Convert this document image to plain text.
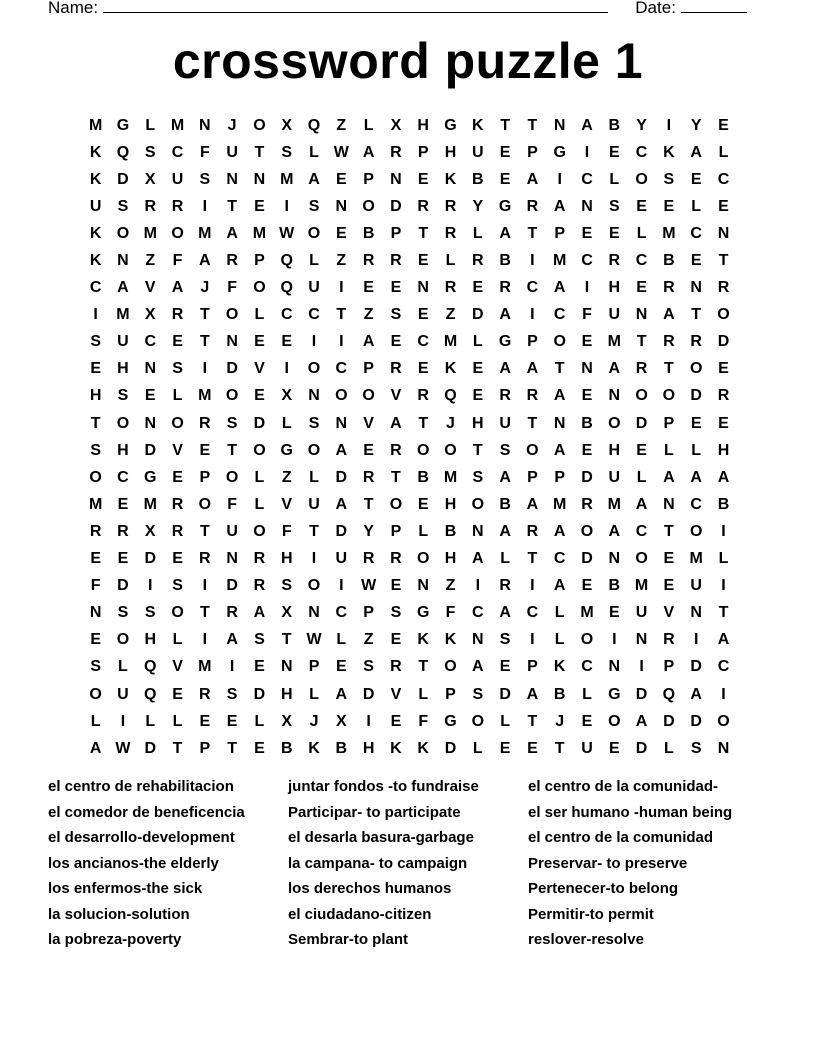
Name:	Date:
crossword puzzle 1
M G	L M N	J	O X Q	Z	L	X	H G K	T	T	N A B	Y	I	Y	E
K Q S	C	F	U	T	S	L W A R	P	H U	E	P G	I	E	C K A	L
K D	X	U	S	N N M A	E	P	N	E	K B	E	A	I	C	L	O S	E	C
U	S	R R	I	T	E	I	S	N O D R R	Y G R A N	S	E	E	L	E
K O M O M A M W O E	B	P	T	R	L	A	T	P	E	E	L M C N
K N	Z	F	A R	P Q	L	Z	R R	E	L	R B	I	M C R C B	E	T
C A	V	A	J	F	O Q U	I	E	E	N R	E	R C A	I	H	E	R N R
I	M X	R	T	O	L	C C	T	Z	S	E	Z	D A	I	C	F	U N A	T	O
S	U C	E	T	N	E	E	I	I	A	E	C M L	G P O E M T	R R D
E	H N	S	I	D	V	I	O C	P	R	E	K	E	A A	T	N A R	T	O E
H	S	E	L M O E	X	N O O V	R Q E	R R A	E	N O O D R
T	O N O R	S	D	L	S	N	V	A	T	J	H U	T	N B O D	P	E	E
S	H D	V	E	T	O G O A	E	R O O	T	S O A	E	H	E	L	L	H
O C G E	P O	L	Z	L	D R	T	B M S	A	P	P	D U	L	A A A
M E M R O	F	L	V	U A	T	O E	H O B A M R M A N C B
R R	X	R	T	U O	F	T	D	Y	P	L	B N A R A O A C	T	O	I
E	E	D	E	R N R H	I	U R R O H A	L	T	C D N O E M L
F	D	I	S	I	D R	S O	I	W E	N	Z	I	R	I	A	E	B M E	U	I
N	S	S O	T	R A	X	N C	P	S G	F	C A C	L M E	U	V	N	T
E O H	L	I	A	S	T W L	Z	E	K K N	S	I	L	O	I	N R	I	A
S	L	Q V M	I	E	N	P	E	S	R	T	O A	E	P	K C N	I	P	D C
O U Q E	R	S	D H	L	A D	V	L	P	S	D A B	L	G D Q A	I
L	I	L	L	E	E	L	X	J	X	I	E	F	G O	L	T	J	E O A D D O
A W D	T	P	T	E	B K B H K K D	L	E	E	T	U	E	D	L	S	N
el centro de rehabilitacion
el comedor de beneficencia
el desarrollo-development
los ancianos-the elderly
los enfermos-the sick
la solucion-solution
la pobreza-poverty
juntar fondos -to fundraise
Participar- to participate
el desarla basura-garbage
la campana- to campaign
los derechos humanos
el ciudadano-citizen
Sembrar-to plant
el centro de la comunidad-
el ser humano -human being
el centro de la comunidad
Preservar- to preserve
Pertenecer-to belong
Permitir-to permit
reslover-resolve
